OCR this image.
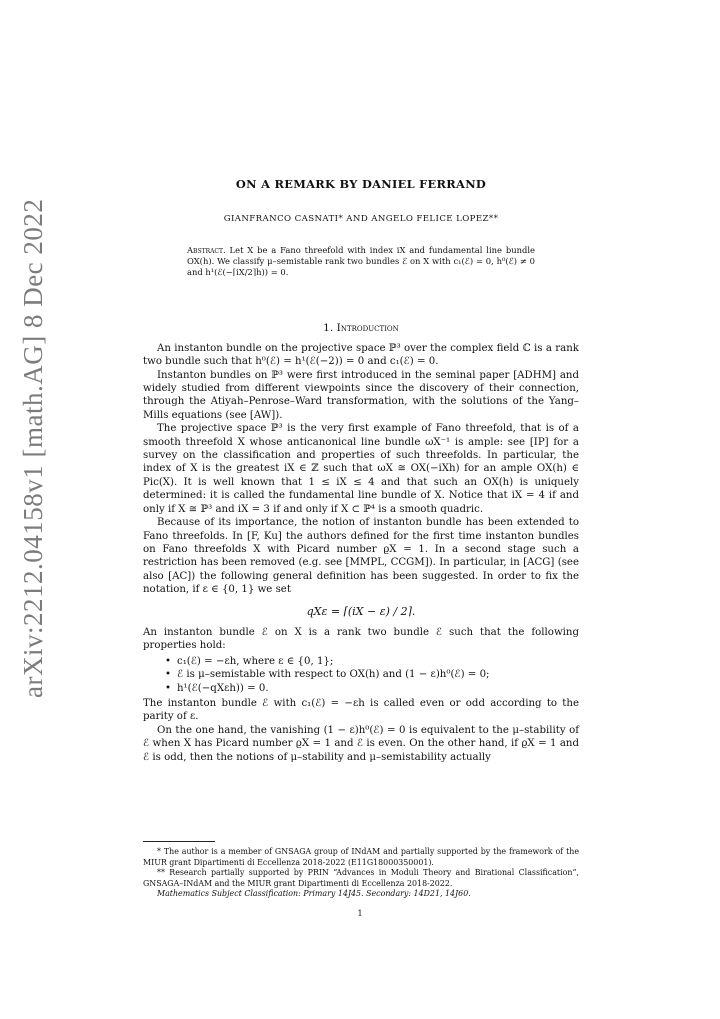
arXiv:2212.04158v1 [math.AG] 8 Dec 2022
ON A REMARK BY DANIEL FERRAND
GIANFRANCO CASNATI* AND ANGELO FELICE LOPEZ**
Abstract. Let X be a Fano threefold with index iX and fundamental line bundle OX(h). We classify μ–semistable rank two bundles ℰ on X with c₁(ℰ) = 0, h⁰(ℰ) ≠ 0 and h¹(ℰ(−⌈iX/2⌉h)) = 0.
1. Introduction

An instanton bundle on the projective space ℙ³ over the complex field ℂ is a rank two bundle such that h⁰(ℰ) = h¹(ℰ(−2)) = 0 and c₁(ℰ) = 0.

Instanton bundles on ℙ³ were first introduced in the seminal paper [ADHM] and widely studied from different viewpoints since the discovery of their connection, through the Atiyah–Penrose–Ward transformation, with the solutions of the Yang–Mills equations (see [AW]).

The projective space ℙ³ is the very first example of Fano threefold, that is of a smooth threefold X whose anticanonical line bundle ωX⁻¹ is ample: see [IP] for a survey on the classification and properties of such threefolds. In particular, the index of X is the greatest iX ∈ ℤ such that ωX ≅ OX(−iXh) for an ample OX(h) ∈ Pic(X). It is well known that 1 ≤ iX ≤ 4 and that such an OX(h) is uniquely determined: it is called the fundamental line bundle of X. Notice that iX = 4 if and only if X ≅ ℙ³ and iX = 3 if and only if X ⊂ ℙ⁴ is a smooth quadric.

Because of its importance, the notion of instanton bundle has been extended to Fano threefolds. In [F, Ku] the authors defined for the first time instanton bundles on Fano threefolds X with Picard number ϱX = 1. In a second stage such a restriction has been removed (e.g. see [MMPL, CCGM]). In particular, in [ACG] (see also [AC]) the following general definition has been suggested. In order to fix the notation, if ε ∈ {0, 1} we set

qXε = ⌈(iX − ε) / 2⌉.

An instanton bundle ℰ on X is a rank two bundle ℰ such that the following properties hold:

• c₁(ℰ) = −εh, where ε ∈ {0, 1};
• ℰ is μ–semistable with respect to OX(h) and (1 − ε)h⁰(ℰ) = 0;
• h¹(ℰ(−qXεh)) = 0.

The instanton bundle ℰ with c₁(ℰ) = −εh is called even or odd according to the parity of ε.

On the one hand, the vanishing (1 − ε)h⁰(ℰ) = 0 is equivalent to the μ–stability of ℰ when X has Picard number ϱX = 1 and ℰ is even. On the other hand, if ϱX = 1 and ℰ is odd, then the notions of μ–stability and μ–semistability actually

* The author is a member of GNSAGA group of INdAM and partially supported by the framework of the MIUR grant Dipartimenti di Eccellenza 2018-2022 (E11G18000350001).

** Research partially supported by PRIN “Advances in Moduli Theory and Birational Classification”, GNSAGA–INdAM and the MIUR grant Dipartimenti di Eccellenza 2018-2022.

Mathematics Subject Classification: Primary 14J45. Secondary: 14D21, 14J60.

1
